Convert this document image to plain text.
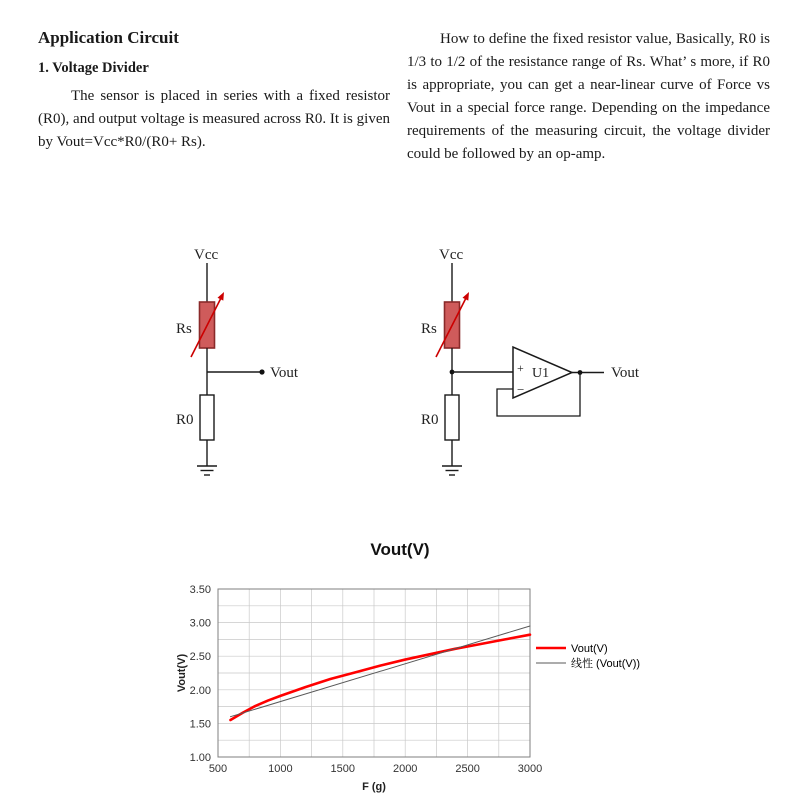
Application Circuit
1. Voltage Divider

The sensor is placed in series with a fixed resistor (R0), and output voltage is measured across R0. It is given by Vout=Vcc*R0/(R0+ Rs).

How to define the fixed resistor value, Basically, R0 is 1/3 to 1/2 of the resistance range of Rs. What’ s more, if R0 is appropriate, you can get a near-linear curve of Force vs Vout in a special force range. Depending on the impedance requirements of the measuring circuit, the voltage divider could be followed by an op-amp.

Vcc
Rs
Vout
R0
Vcc
Rs
+
−
U1	Vout
R0
Vout(V)
500	1000	1500	2000	2500	3000
1.00
1.50
2.00
2.50
3.00
3.50
F (g)
Vout(V)
Vout(V)
线性 (Vout(V))
